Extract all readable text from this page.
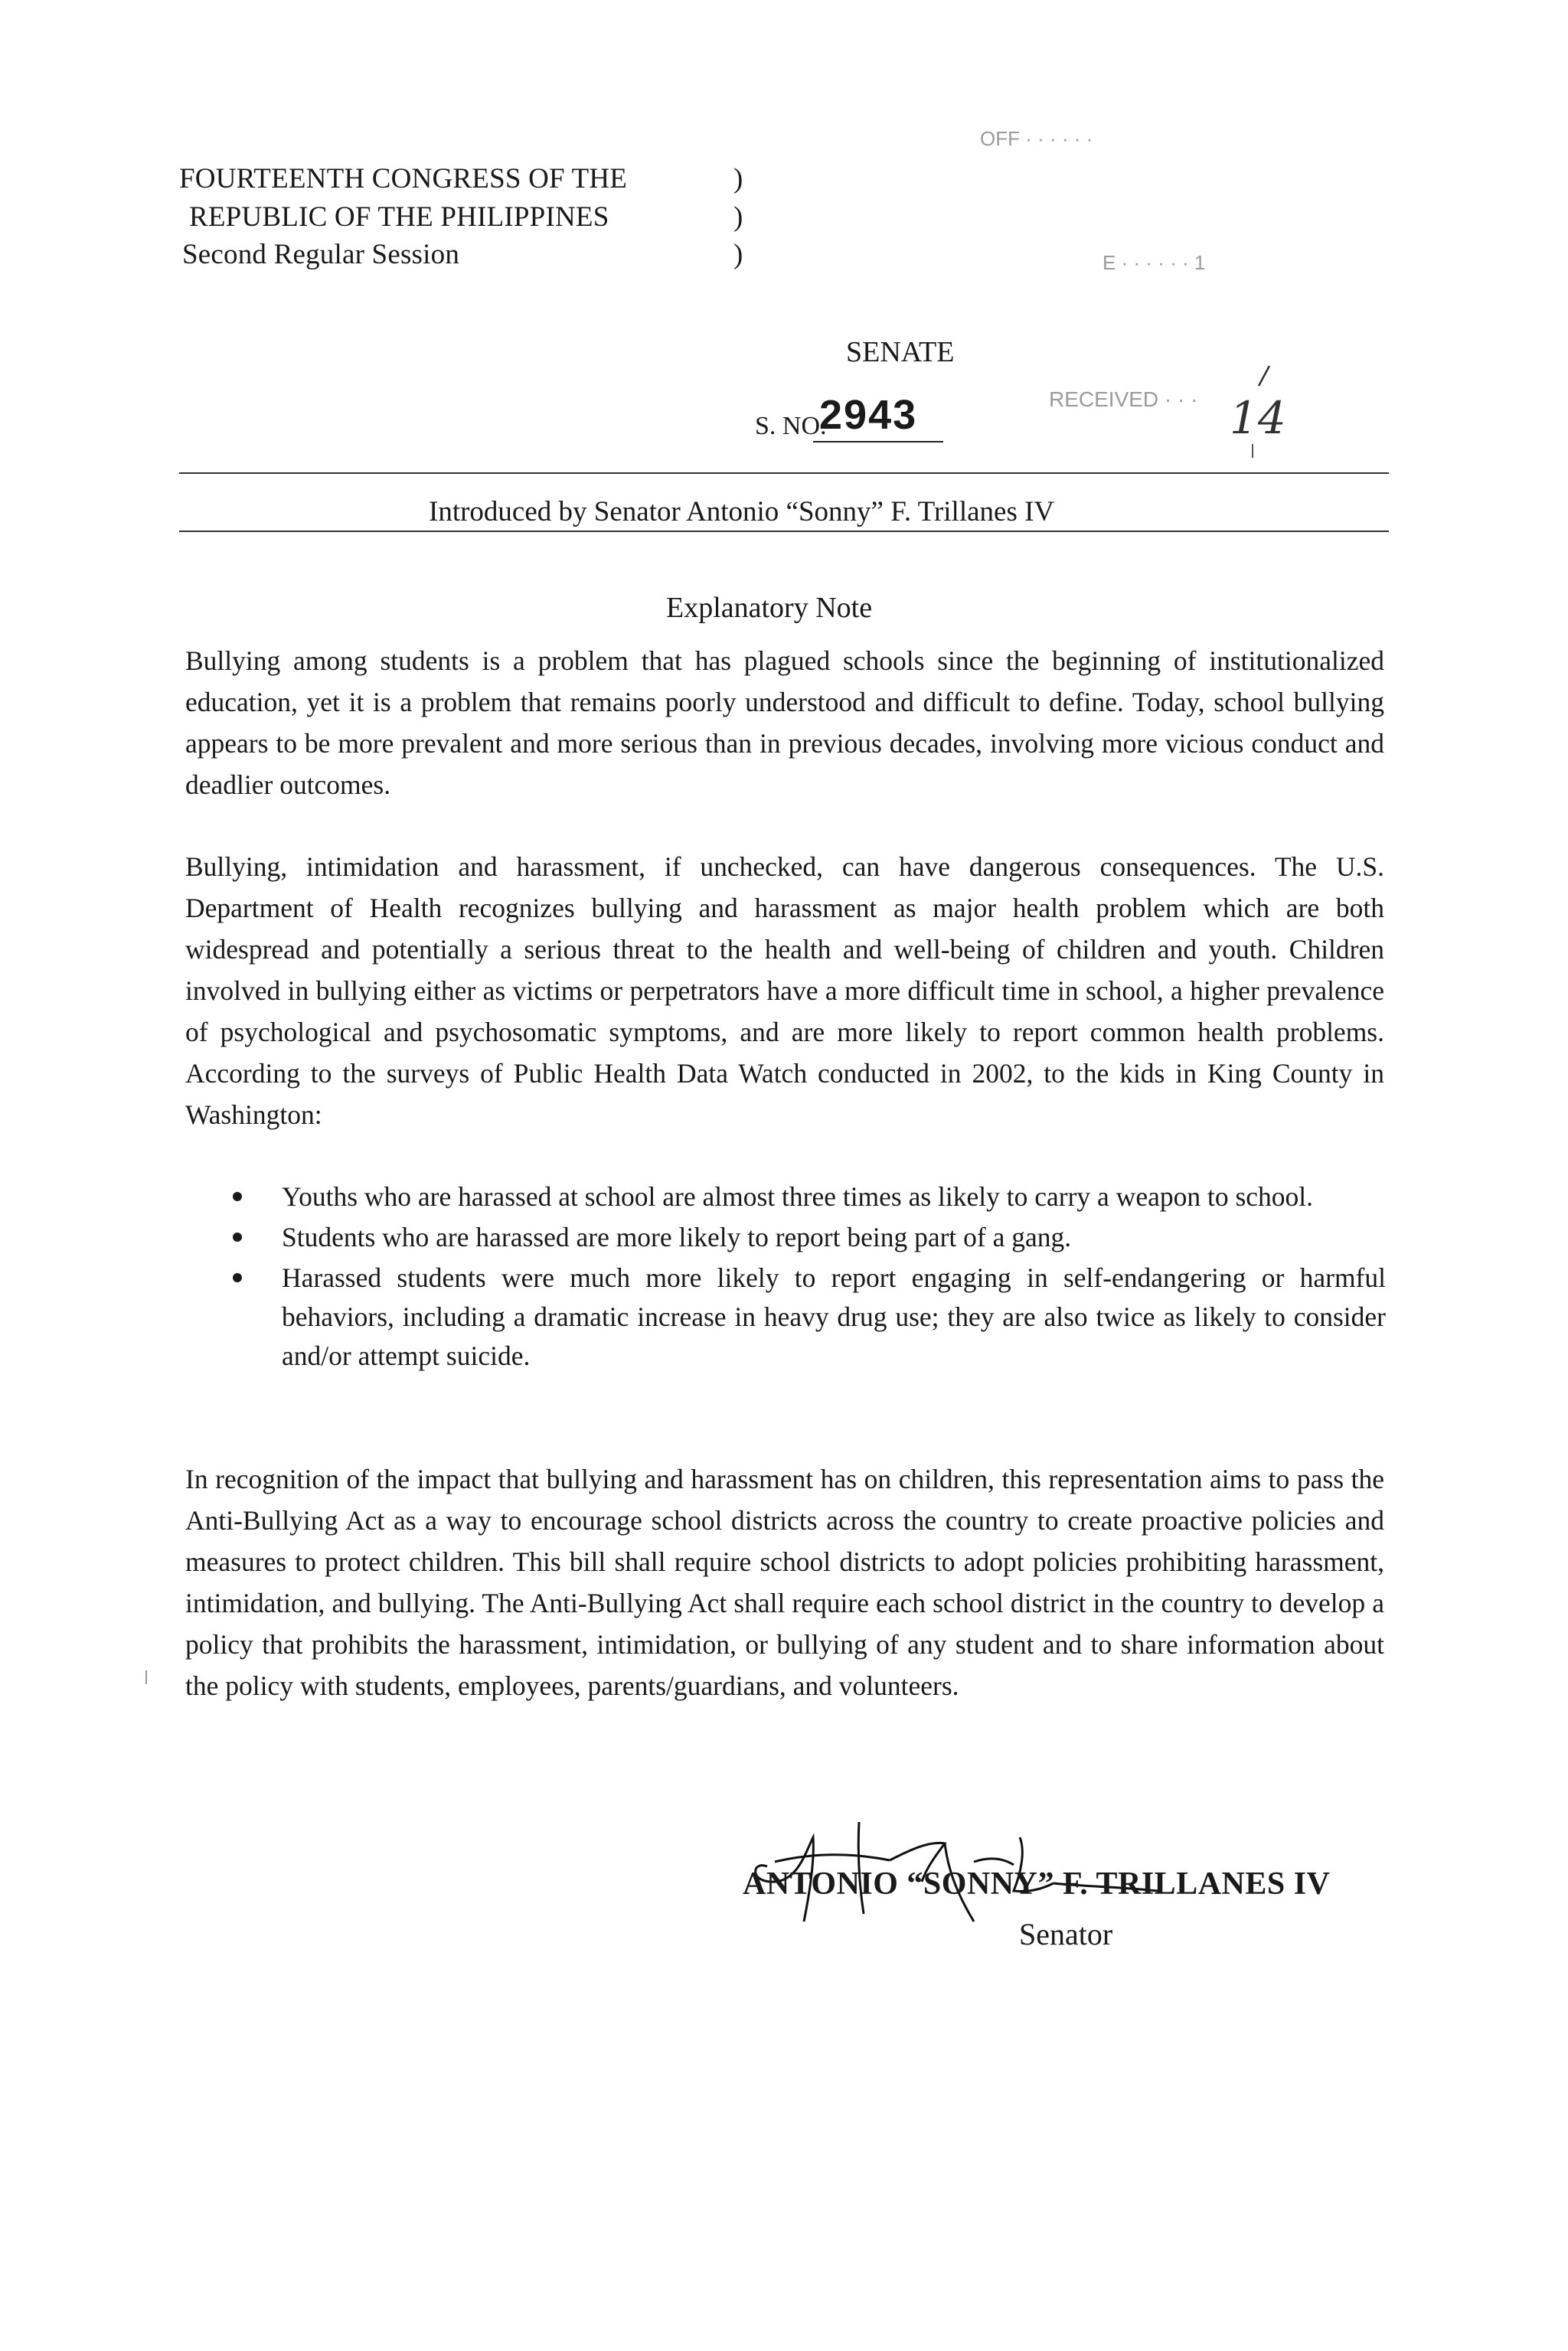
FOURTEENTH CONGRESS OF THE
REPUBLIC OF THE PHILIPPINES
Second Regular Session
)
)
)
OFF · · · · · ·
E · · · · · · 1
RECEIVED · · · 14
SENATE
S. NO.
2943
Introduced by Senator Antonio “Sonny” F. Trillanes IV
Explanatory Note

Bullying among students is a problem that has plagued schools since the beginning of institutionalized education, yet it is a problem that remains poorly understood and difficult to define. Today, school bullying appears to be more prevalent and more serious than in previous decades, involving more vicious conduct and deadlier outcomes.

Bullying, intimidation and harassment, if unchecked, can have dangerous consequences. The U.S. Department of Health recognizes bullying and harassment as major health problem which are both widespread and potentially a serious threat to the health and well-being of children and youth. Children involved in bullying either as victims or perpetrators have a more difficult time in school, a higher prevalence of psychological and psychosomatic symptoms, and are more likely to report common health problems. According to the surveys of Public Health Data Watch conducted in 2002, to the kids in King County in Washington:

Youths who are harassed at school are almost three times as likely to carry a weapon to school.
Students who are harassed are more likely to report being part of a gang.
Harassed students were much more likely to report engaging in self-endangering or harmful behaviors, including a dramatic increase in heavy drug use; they are also twice as likely to consider and/or attempt suicide.

In recognition of the impact that bullying and harassment has on children, this representation aims to pass the Anti-Bullying Act as a way to encourage school districts across the country to create proactive policies and measures to protect children. This bill shall require school districts to adopt policies prohibiting harassment, intimidation, and bullying. The Anti-Bullying Act shall require each school district in the country to develop a policy that prohibits the harassment, intimidation, or bullying of any student and to share information about the policy with students, employees, parents/guardians, and volunteers.

ANTONIO “SONNY” F. TRILLANES IV
Senator
